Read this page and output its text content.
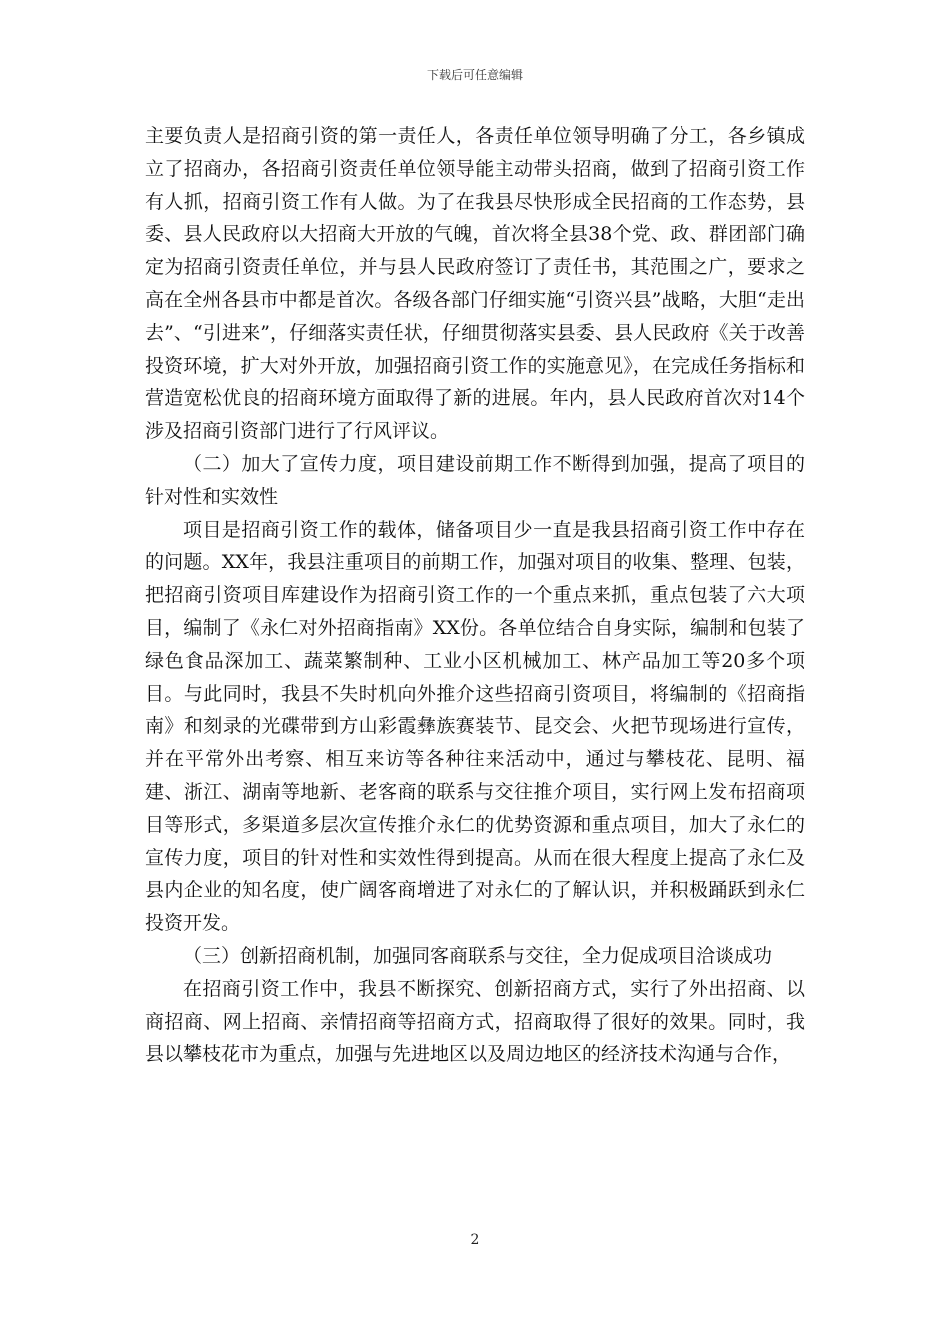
下载后可任意编辑

主要负责人是招商引资的第一责任人，各责任单位领导明确了分工，各乡镇成立了招商办，各招商引资责任单位领导能主动带头招商，做到了招商引资工作有人抓，招商引资工作有人做。为了在我县尽快形成全民招商的工作态势，县委、县人民政府以大招商大开放的气魄，首次将全县38个党、政、群团部门确定为招商引资责任单位，并与县人民政府签订了责任书，其范围之广，要求之高在全州各县市中都是首次。各级各部门仔细实施“引资兴县”战略，大胆“走出去”、“引进来”，仔细落实责任状，仔细贯彻落实县委、县人民政府《关于改善投资环境，扩大对外开放，加强招商引资工作的实施意见》，在完成任务指标和营造宽松优良的招商环境方面取得了新的进展。年内，县人民政府首次对14个涉及招商引资部门进行了行风评议。

（二）加大了宣传力度，项目建设前期工作不断得到加强，提高了项目的针对性和实效性

项目是招商引资工作的载体，储备项目少一直是我县招商引资工作中存在的问题。XX年，我县注重项目的前期工作，加强对项目的收集、整理、包装，把招商引资项目库建设作为招商引资工作的一个重点来抓，重点包装了六大项目，编制了《永仁对外招商指南》XX份。各单位结合自身实际，编制和包装了绿色食品深加工、蔬菜繁制种、工业小区机械加工、林产品加工等20多个项目。与此同时，我县不失时机向外推介这些招商引资项目，将编制的《招商指南》和刻录的光碟带到方山彩霞彝族赛装节、昆交会、火把节现场进行宣传，并在平常外出考察、相互来访等各种往来活动中，通过与攀枝花、昆明、福建、浙江、湖南等地新、老客商的联系与交往推介项目，实行网上发布招商项目等形式，多渠道多层次宣传推介永仁的优势资源和重点项目，加大了永仁的宣传力度，项目的针对性和实效性得到提高。从而在很大程度上提高了永仁及县内企业的知名度，使广阔客商增进了对永仁的了解认识，并积极踊跃到永仁投资开发。

（三）创新招商机制，加强同客商联系与交往，全力促成项目洽谈成功

在招商引资工作中，我县不断探究、创新招商方式，实行了外出招商、以商招商、网上招商、亲情招商等招商方式，招商取得了很好的效果。同时，我县以攀枝花市为重点，加强与先进地区以及周边地区的经济技术沟通与合作，

2
